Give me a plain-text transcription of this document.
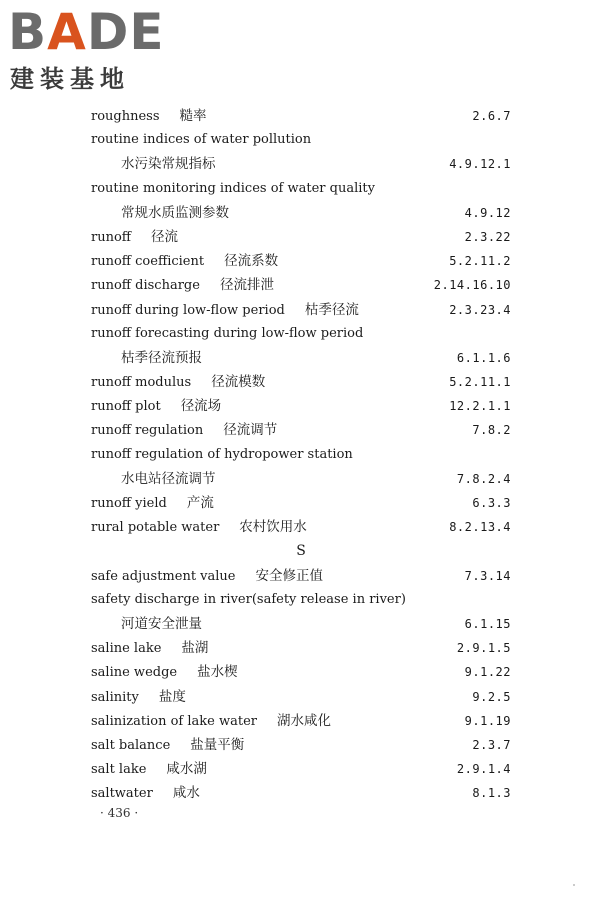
BADE
建装基地
roughness 糙率	2.6.7
routine indices of water pollution
水污染常规指标	4.9.12.1
routine monitoring indices of water quality
常规水质监测参数	4.9.12
runoff 径流	2.3.22
runoff coefficient 径流系数	5.2.11.2
runoff discharge 径流排泄	2.14.16.10
runoff during low-flow period 枯季径流	2.3.23.4
runoff forecasting during low-flow period
枯季径流预报	6.1.1.6
runoff modulus 径流模数	5.2.11.1
runoff plot 径流场	12.2.1.1
runoff regulation 径流调节	7.8.2
runoff regulation of hydropower station
水电站径流调节	7.8.2.4
runoff yield 产流	6.3.3
rural potable water 农村饮用水	8.2.13.4
S
safe adjustment value 安全修正值	7.3.14
safety discharge in river(safety release in river)
河道安全泄量	6.1.15
saline lake 盐湖	2.9.1.5
saline wedge 盐水楔	9.1.22
salinity 盐度	9.2.5
salinization of lake water 湖水咸化	9.1.19
salt balance 盐量平衡	2.3.7
salt lake 咸水湖	2.9.1.4
saltwater 咸水	8.1.3
· 436 ·
